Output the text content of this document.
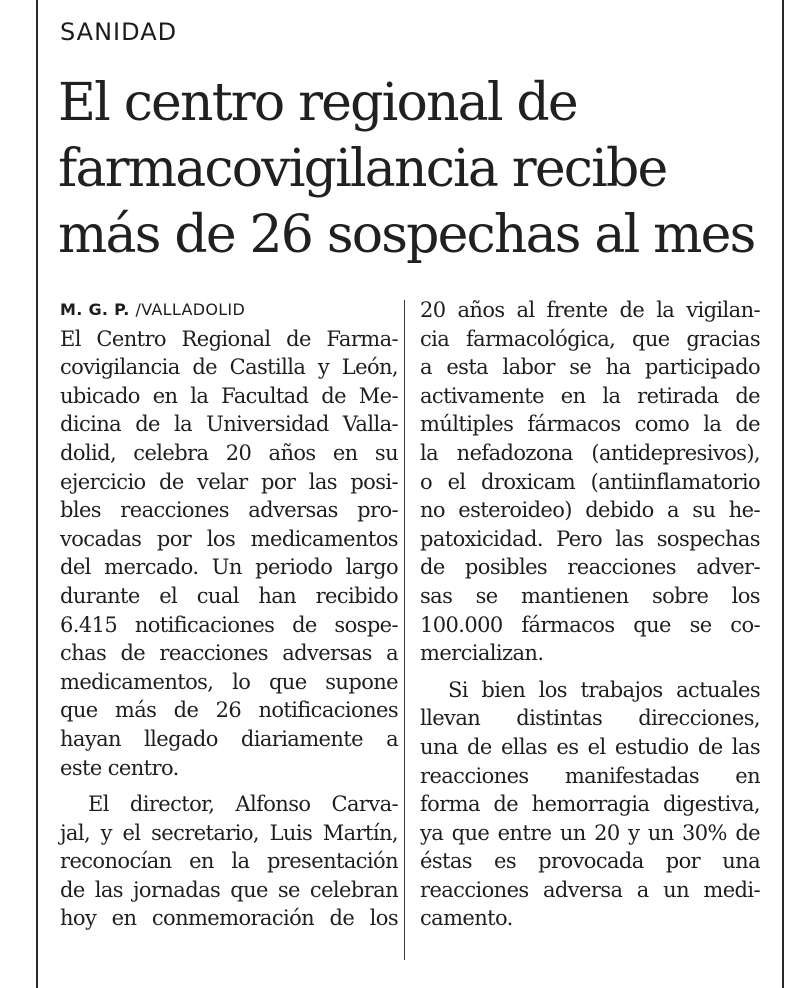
SANIDAD
El centro regional de
farmacovigilancia recibe
más de 26 sospechas al mes
M. G. P. /VALLADOLID
El Centro Regional de Farma-
covigilancia de Castilla y León,
ubicado en la Facultad de Me-
dicina de la Universidad Valla-
dolid, celebra 20 años en su
ejercicio de velar por las posi-
bles reacciones adversas pro-
vocadas por los medicamentos
del mercado. Un periodo largo
durante el cual han recibido
6.415 notificaciones de sospe-
chas de reacciones adversas a
medicamentos, lo que supone
que más de 26 notificaciones
hayan llegado diariamente a
este centro.
El director, Alfonso Carva-
jal, y el secretario, Luis Martín,
reconocían en la presentación
de las jornadas que se celebran
hoy en conmemoración de los
20 años al frente de la vigilan-
cia farmacológica, que gracias
a esta labor se ha participado
activamente en la retirada de
múltiples fármacos como la de
la nefadozona (antidepresivos),
o el droxicam (antiinflamatorio
no esteroideo) debido a su he-
patoxicidad. Pero las sospechas
de posibles reacciones adver-
sas se mantienen sobre los
100.000 fármacos que se co-
mercializan.
Si bien los trabajos actuales
llevan distintas direcciones,
una de ellas es el estudio de las
reacciones manifestadas en
forma de hemorragia digestiva,
ya que entre un 20 y un 30% de
éstas es provocada por una
reacciones adversa a un medi-
camento.
